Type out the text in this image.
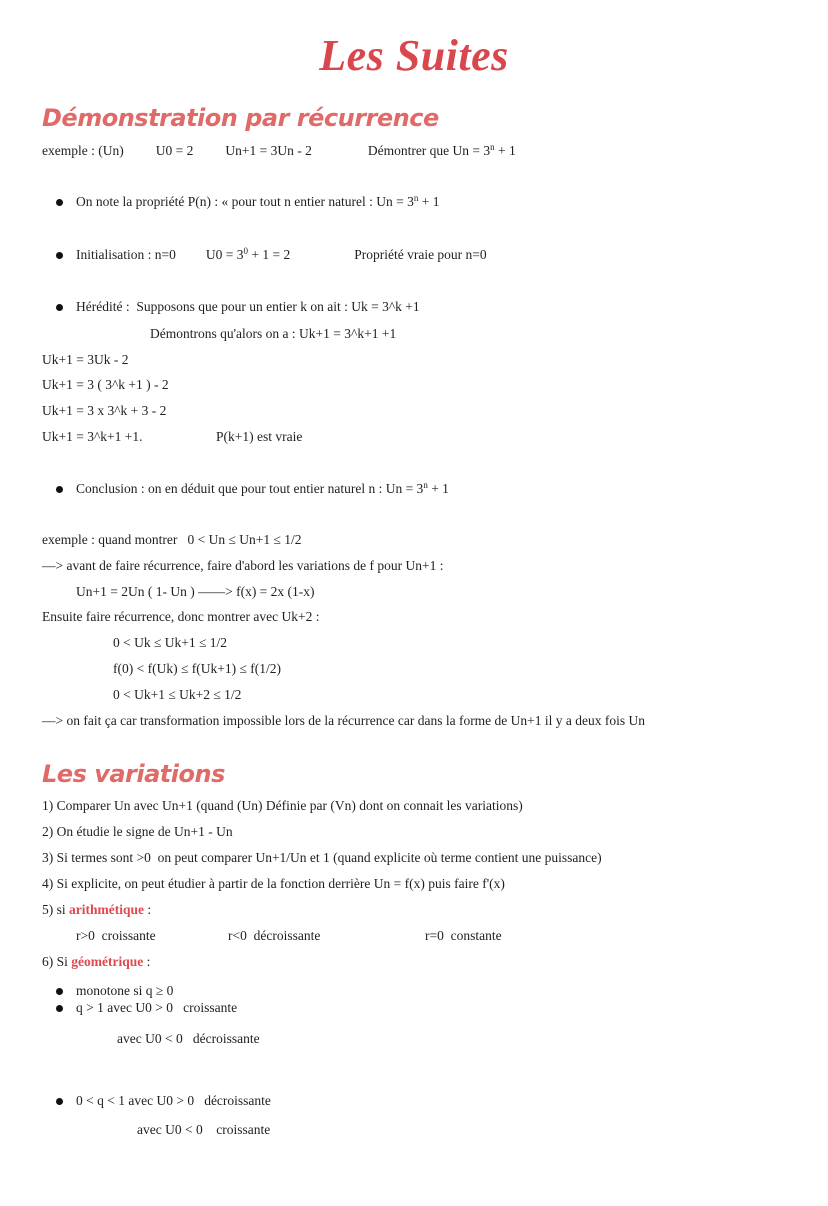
Les Suites
Démonstration par récurrence
exemple : (Un) U0 = 2 Un+1 = 3Un - 2	Démontrer que $Un = 3^n + 1$
On note la propriété P(n) : « pour tout n entier naturel : $Un = 3^n + 1$
Initialisation : n=0 $U0 = 3^0 + 1 = 2$	Propriété vraie pour n=0
Hérédité :  Supposons que pour un entier k on ait : Uk = 3^k +1
Démontrons qu'alors on a : Uk+1 = 3^k+1 +1
Uk+1 = 3Uk - 2
Uk+1 = 3 ( 3^k +1 ) - 2
Uk+1 = 3 x 3^k + 3 - 2
Uk+1 = 3^k+1 +1.	P(k+1) est vraie
Conclusion : on en déduit que pour tout entier naturel n : $Un = 3^n + 1$
exemple : quand montrer   0 < Un ≤ Un+1 ≤ 1/2
—> avant de faire récurrence, faire d'abord les variations de f pour Un+1 :
Un+1 = 2Un ( 1- Un ) ——> f(x) = 2x (1-x)
Ensuite faire récurrence, donc montrer avec Uk+2 :
0 < Uk ≤ Uk+1 ≤ 1/2
f(0) < f(Uk) ≤ f(Uk+1) ≤ f(1/2)
0 < Uk+1 ≤ Uk+2 ≤ 1/2
—> on fait ça car transformation impossible lors de la récurrence car dans la forme de Un+1 il y a deux fois Un
Les variations
1) Comparer Un avec Un+1 (quand (Un) Définie par (Vn) dont on connait les variations)
2) On étudie le signe de Un+1 - Un
3) Si termes sont >0  on peut comparer Un+1/Un et 1 (quand explicite où terme contient une puissance)
4) Si explicite, on peut étudier à partir de la fonction derrière Un = f(x) puis faire f'(x)
5) si arithmétique :
r>0  croissante	r<0  décroissante	r=0  constante
6) Si géométrique :
monotone si q ≥ 0
q > 1 avec U0 > 0   croissante
avec U0 < 0   décroissante
0 < q < 1 avec U0 > 0   décroissante
avec U0 < 0    croissante
